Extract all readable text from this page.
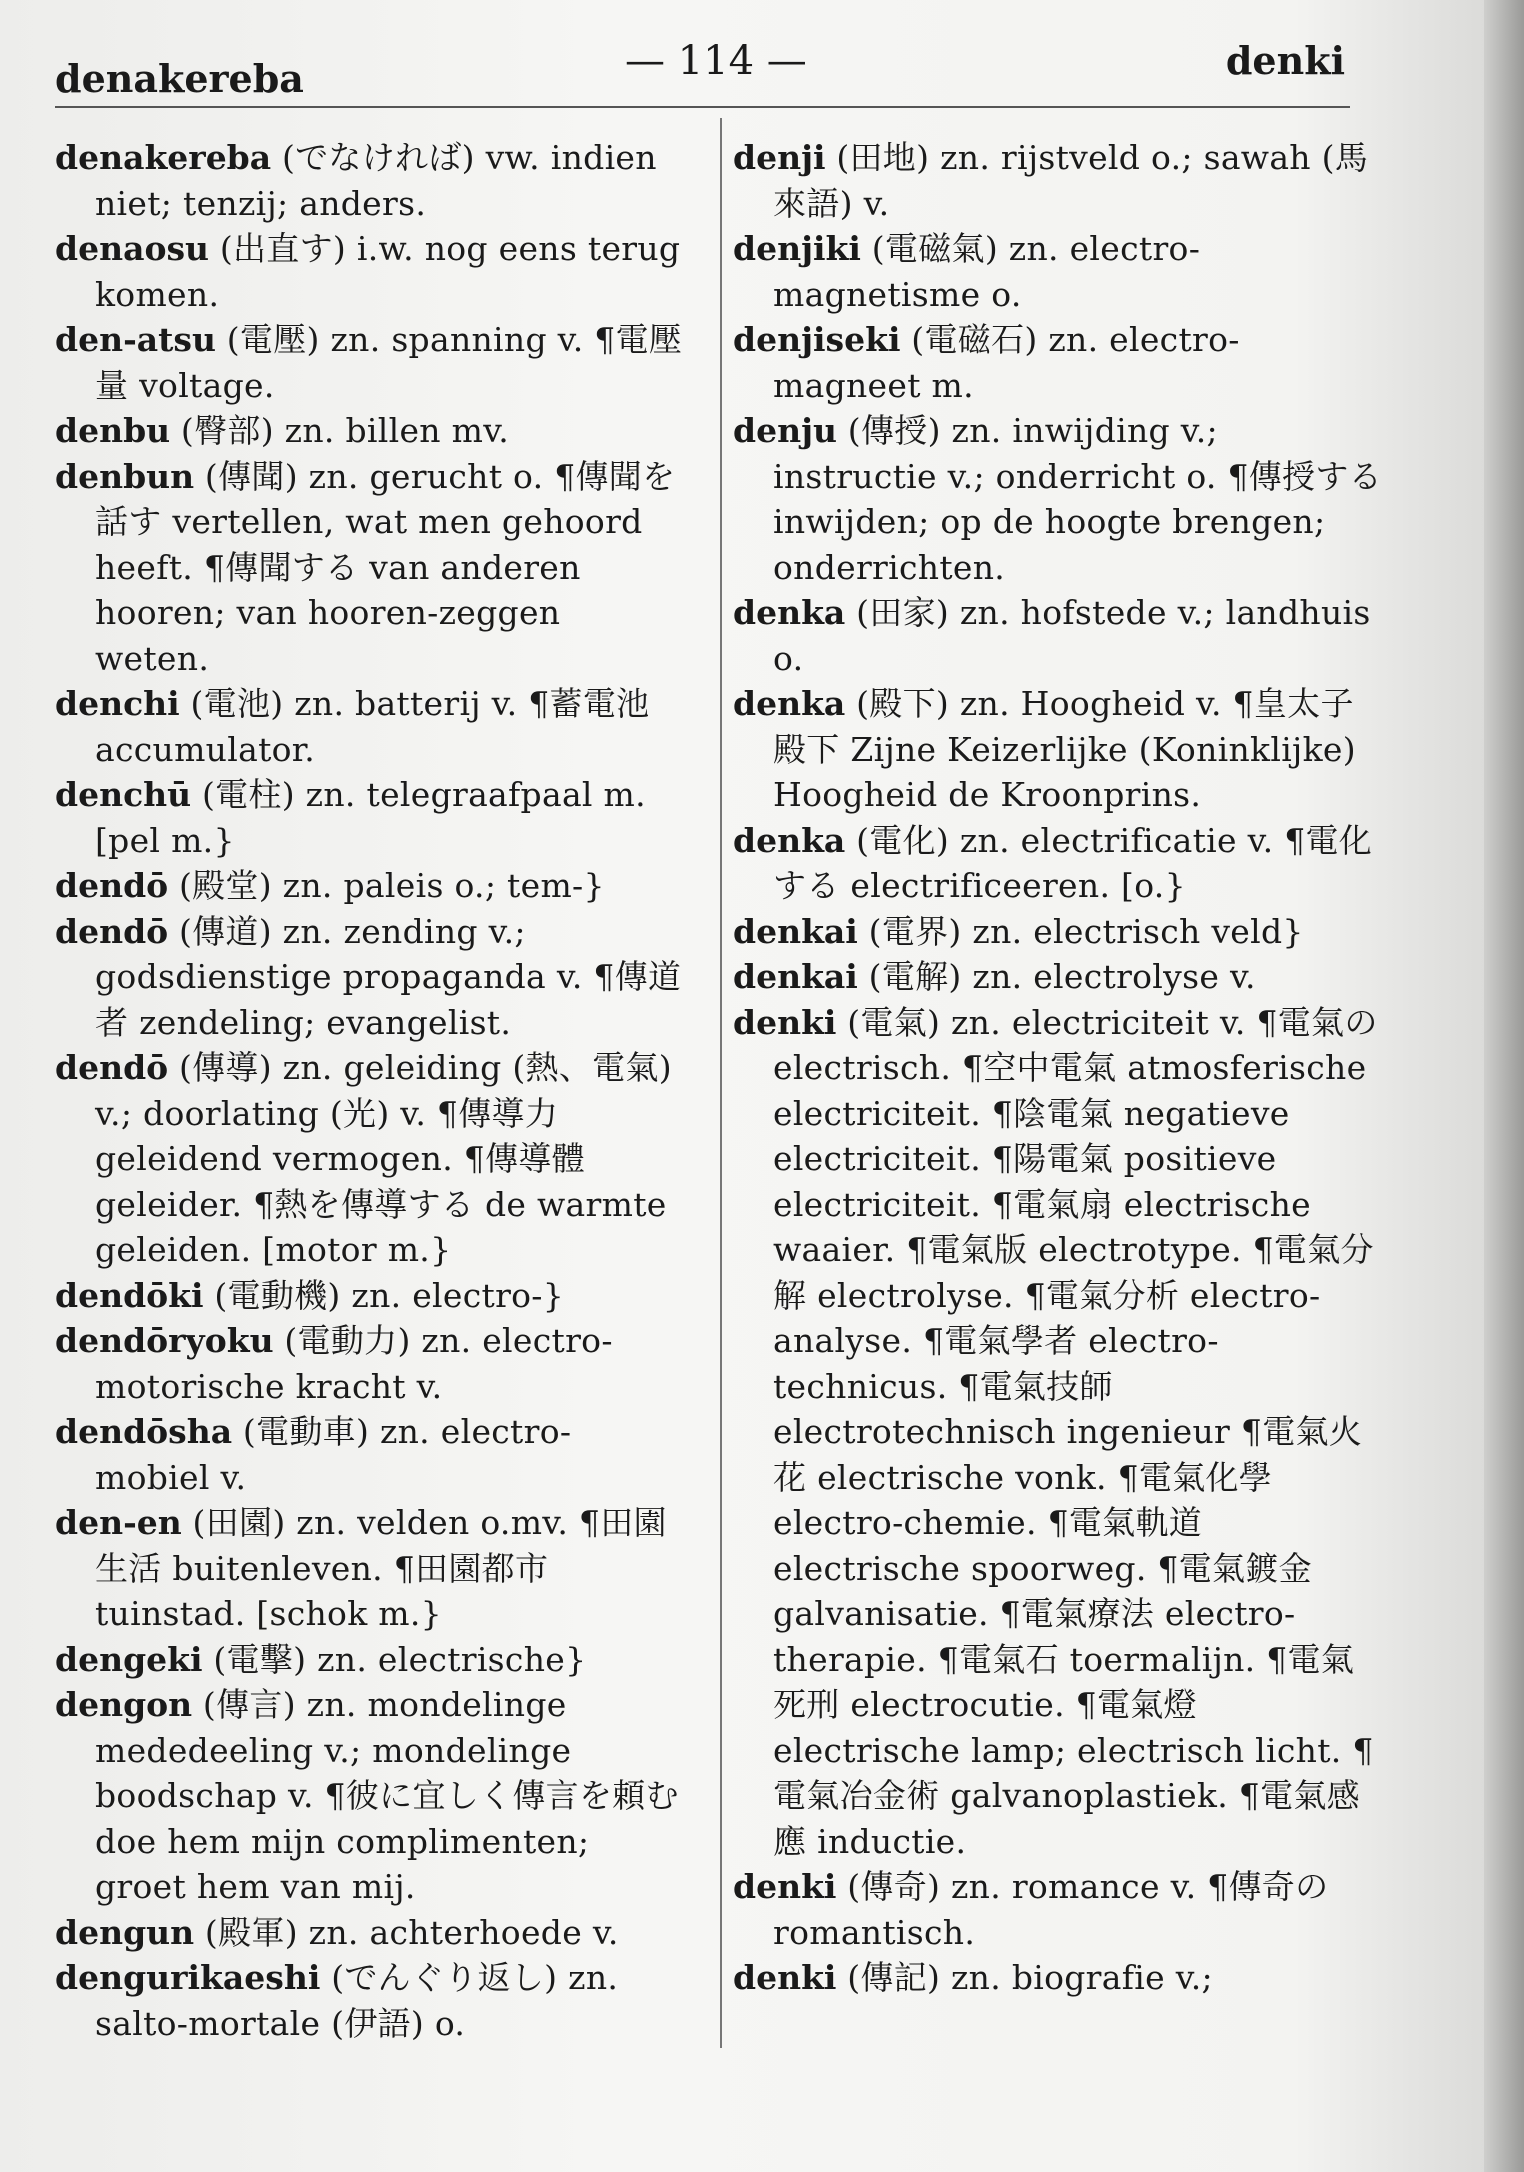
denakereba	— 114 —	denki
denakereba (でなければ) vw. indien niet; tenzij; anders.
denaosu (出直す) i.w. nog eens terug komen.
den-atsu (電壓) zn. spanning v. ¶電壓量 voltage.
denbu (臀部) zn. billen mv.
denbun (傳聞) zn. gerucht o. ¶傳聞を話す vertellen, wat men gehoord heeft. ¶傳聞する van anderen hooren; van hooren-zeggen weten.
denchi (電池) zn. batterij v. ¶蓄電池 accumulator.
denchū (電柱) zn. telegraafpaal m. [pel m.}
dendō (殿堂) zn. paleis o.; tem-}
dendō (傳道) zn. zending v.; godsdienstige propaganda v. ¶傳道者 zendeling; evangelist.
dendō (傳導) zn. geleiding (熱、電氣) v.; doorlating (光) v. ¶傳導力 geleidend vermogen. ¶傳導體 geleider. ¶熱を傳導する de warmte geleiden. [motor m.}
dendōki (電動機) zn. electro-}
dendōryoku (電動力) zn. electro-motorische kracht v.
dendōsha (電動車) zn. electro-mobiel v.
den-en (田園) zn. velden o.mv. ¶田園生活 buitenleven. ¶田園都市 tuinstad. [schok m.}
dengeki (電擊) zn. electrische}
dengon (傳言) zn. mondelinge mededeeling v.; mondelinge boodschap v. ¶彼に宜しく傳言を頼む doe hem mijn complimenten; groet hem van mij.
dengun (殿軍) zn. achterhoede v.
dengurikaeshi (でんぐり返し) zn. salto-mortale (伊語) o.
denji (田地) zn. rijstveld o.; sawah (馬來語) v.
denjiki (電磁氣) zn. electro-magnetisme o.
denjiseki (電磁石) zn. electro-magneet m.
denju (傳授) zn. inwijding v.; instructie v.; onderricht o. ¶傳授する inwijden; op de hoogte brengen; onderrichten.
denka (田家) zn. hofstede v.; landhuis o.
denka (殿下) zn. Hoogheid v. ¶皇太子殿下 Zijne Keizerlijke (Koninklijke) Hoogheid de Kroonprins.
denka (電化) zn. electrificatie v. ¶電化する electrificeeren. [o.}
denkai (電界) zn. electrisch veld}
denkai (電解) zn. electrolyse v.
denki (電氣) zn. electriciteit v. ¶電氣の electrisch. ¶空中電氣 atmosferische electriciteit. ¶陰電氣 negatieve electriciteit. ¶陽電氣 positieve electriciteit. ¶電氣扇 electrische waaier. ¶電氣版 electrotype. ¶電氣分解 electrolyse. ¶電氣分析 electro-analyse. ¶電氣學者 electro-technicus. ¶電氣技師 electrotechnisch ingenieur ¶電氣火花 electrische vonk. ¶電氣化學 electro-chemie. ¶電氣軌道 electrische spoorweg. ¶電氣鍍金 galvanisatie. ¶電氣療法 electro-therapie. ¶電氣石 toermalijn. ¶電氣死刑 electrocutie. ¶電氣燈 electrische lamp; electrisch licht. ¶電氣冶金術 galvanoplastiek. ¶電氣感應 inductie.
denki (傳奇) zn. romance v. ¶傳奇の romantisch.
denki (傳記) zn. biografie v.;
